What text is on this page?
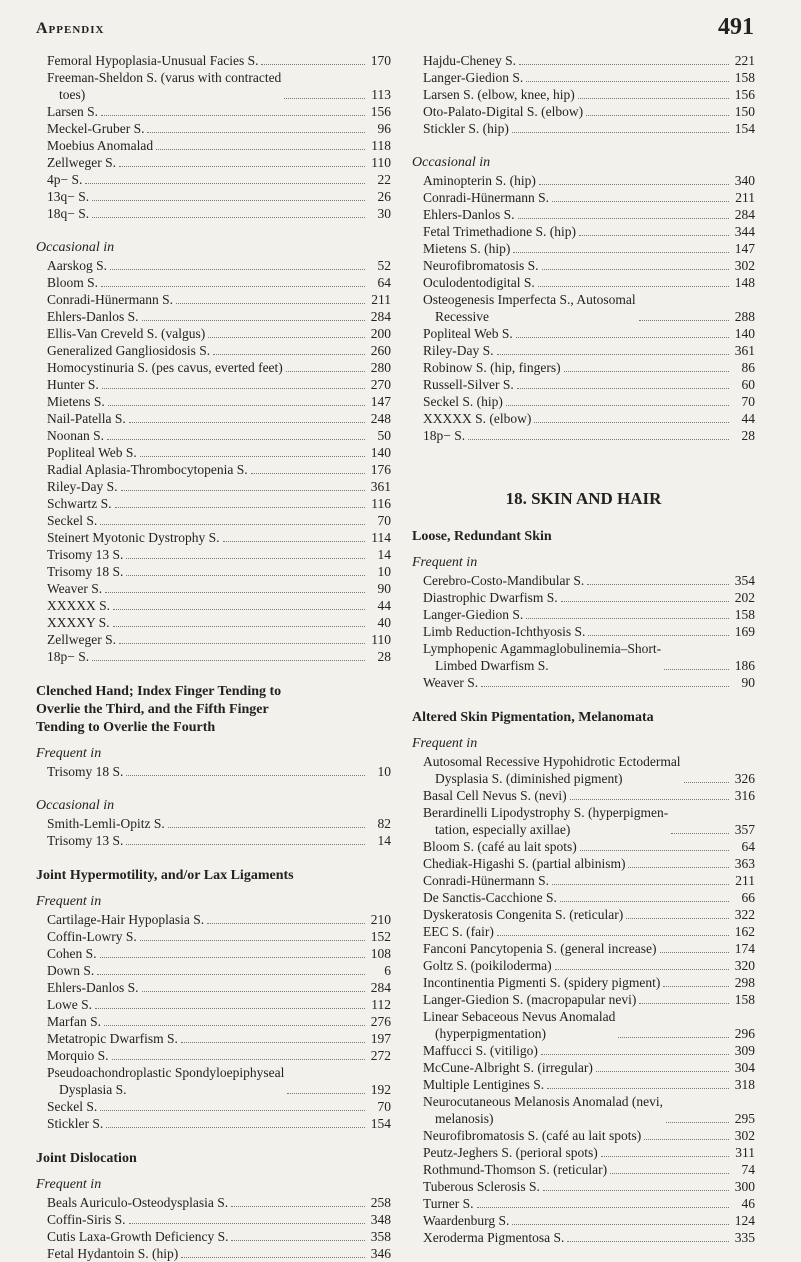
Appendix	491
Femoral Hypoplasia-Unusual Facies S.	170
Freeman-Sheldon S. (varus with contracted
toes)	113
Larsen S.	156
Meckel-Gruber S.	96
Moebius Anomalad	118
Zellweger S.	110
4p− S.	22
13q− S.	26
18q− S.	30
Occasional in
Aarskog S.	52
Bloom S.	64
Conradi-Hünermann S.	211
Ehlers-Danlos S.	284
Ellis-Van Creveld S. (valgus)	200
Generalized Gangliosidosis S.	260
Homocystinuria S. (pes cavus, everted feet)	280
Hunter S.	270
Mietens S.	147
Nail-Patella S.	248
Noonan S.	50
Popliteal Web S.	140
Radial Aplasia-Thrombocytopenia S.	176
Riley-Day S.	361
Schwartz S.	116
Seckel S.	70
Steinert Myotonic Dystrophy S.	114
Trisomy 13 S.	14
Trisomy 18 S.	10
Weaver S.	90
XXXXX S.	44
XXXXY S.	40
Zellweger S.	110
18p− S.	28
Clenched Hand; Index Finger Tending to
Overlie the Third, and the Fifth Finger
Tending to Overlie the Fourth
Frequent in
Trisomy 18 S.	10
Occasional in
Smith-Lemli-Opitz S.	82
Trisomy 13 S.	14
Joint Hypermotility, and/or Lax Ligaments
Frequent in
Cartilage-Hair Hypoplasia S.	210
Coffin-Lowry S.	152
Cohen S.	108
Down S.	6
Ehlers-Danlos S.	284
Lowe S.	112
Marfan S.	276
Metatropic Dwarfism S.	197
Morquio S.	272
Pseudoachondroplastic Spondyloepiphyseal
Dysplasia S.	192
Seckel S.	70
Stickler S.	154
Joint Dislocation
Frequent in
Beals Auriculo-Osteodysplasia S.	258
Coffin-Siris S.	348
Cutis Laxa-Growth Deficiency S.	358
Fetal Hydantoin S. (hip)	346
Hajdu-Cheney S.	221
Langer-Giedion S.	158
Larsen S. (elbow, knee, hip)	156
Oto-Palato-Digital S. (elbow)	150
Stickler S. (hip)	154
Occasional in
Aminopterin S. (hip)	340
Conradi-Hünermann S.	211
Ehlers-Danlos S.	284
Fetal Trimethadione S. (hip)	344
Mietens S. (hip)	147
Neurofibromatosis S.	302
Oculodentodigital S.	148
Osteogenesis Imperfecta S., Autosomal
Recessive	288
Popliteal Web S.	140
Riley-Day S.	361
Robinow S. (hip, fingers)	86
Russell-Silver S.	60
Seckel S. (hip)	70
XXXXX S. (elbow)	44
18p− S.	28
18. SKIN AND HAIR
Loose, Redundant Skin
Frequent in
Cerebro-Costo-Mandibular S.	354
Diastrophic Dwarfism S.	202
Langer-Giedion S.	158
Limb Reduction-Ichthyosis S.	169
Lymphopenic Agammaglobulinemia–Short-
Limbed Dwarfism S.	186
Weaver S.	90
Altered Skin Pigmentation, Melanomata
Frequent in
Autosomal Recessive Hypohidrotic Ectodermal
Dysplasia S. (diminished pigment)	326
Basal Cell Nevus S. (nevi)	316
Berardinelli Lipodystrophy S. (hyperpigmen-
tation, especially axillae)	357
Bloom S. (café au lait spots)	64
Chediak-Higashi S. (partial albinism)	363
Conradi-Hünermann S.	211
De Sanctis-Cacchione S.	66
Dyskeratosis Congenita S. (reticular)	322
EEC S. (fair)	162
Fanconi Pancytopenia S. (general increase)	174
Goltz S. (poikiloderma)	320
Incontinentia Pigmenti S. (spidery pigment)	298
Langer-Giedion S. (macropapular nevi)	158
Linear Sebaceous Nevus Anomalad
(hyperpigmentation)	296
Maffucci S. (vitiligo)	309
McCune-Albright S. (irregular)	304
Multiple Lentigines S.	318
Neurocutaneous Melanosis Anomalad (nevi,
melanosis)	295
Neurofibromatosis S. (café au lait spots)	302
Peutz-Jeghers S. (perioral spots)	311
Rothmund-Thomson S. (reticular)	74
Tuberous Sclerosis S.	300
Turner S.	46
Waardenburg S.	124
Xeroderma Pigmentosa S.	335
